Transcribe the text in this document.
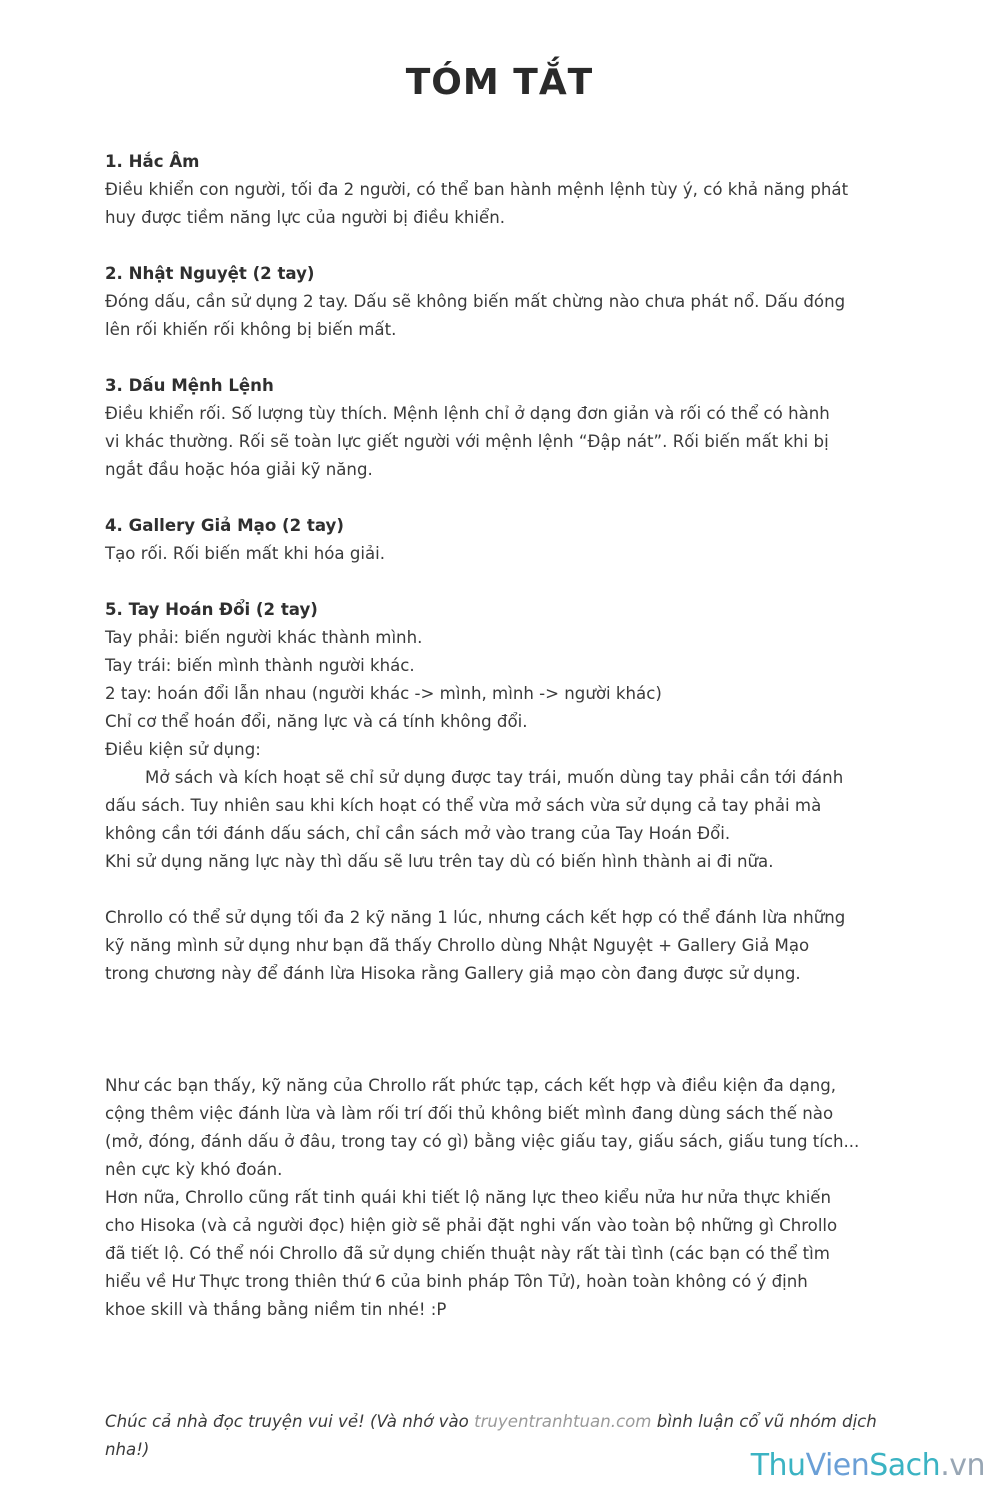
TÓM TẮT

1. Hắc Âm

Điều khiển con người, tối đa 2 người, có thể ban hành mệnh lệnh tùy ý, có khả năng phát

huy được tiềm năng lực của người bị điều khiển.

2. Nhật Nguyệt (2 tay)

Đóng dấu, cần sử dụng 2 tay. Dấu sẽ không biến mất chừng nào chưa phát nổ. Dấu đóng

lên rối khiến rối không bị biến mất.

3. Dấu Mệnh Lệnh

Điều khiển rối. Số lượng tùy thích. Mệnh lệnh chỉ ở dạng đơn giản và rối có thể có hành

vi khác thường. Rối sẽ toàn lực giết người với mệnh lệnh “Đập nát”. Rối biến mất khi bị

ngắt đầu hoặc hóa giải kỹ năng.

4. Gallery Giả Mạo (2 tay)

Tạo rối. Rối biến mất khi hóa giải.

5. Tay Hoán Đổi (2 tay)

Tay phải: biến người khác thành mình.

Tay trái: biến mình thành người khác.

2 tay: hoán đổi lẫn nhau (người khác -> mình, mình -> người khác)

Chỉ cơ thể hoán đổi, năng lực và cá tính không đổi.

Điều kiện sử dụng:

Mở sách và kích hoạt sẽ chỉ sử dụng được tay trái, muốn dùng tay phải cần tới đánh

dấu sách. Tuy nhiên sau khi kích hoạt có thể vừa mở sách vừa sử dụng cả tay phải mà

không cần tới đánh dấu sách, chỉ cần sách mở vào trang của Tay Hoán Đổi.

Khi sử dụng năng lực này thì dấu sẽ lưu trên tay dù có biến hình thành ai đi nữa.

Chrollo có thể sử dụng tối đa 2 kỹ năng 1 lúc, nhưng cách kết hợp có thể đánh lừa những

kỹ năng mình sử dụng như bạn đã thấy Chrollo dùng Nhật Nguyệt + Gallery Giả Mạo

trong chương này để đánh lừa Hisoka rằng Gallery giả mạo còn đang được sử dụng.

Như các bạn thấy, kỹ năng của Chrollo rất phức tạp, cách kết hợp và điều kiện đa dạng,

cộng thêm việc đánh lừa và làm rối trí đối thủ không biết mình đang dùng sách thế nào

(mở, đóng, đánh dấu ở đâu, trong tay có gì) bằng việc giấu tay, giấu sách, giấu tung tích...

nên cực kỳ khó đoán.

Hơn nữa, Chrollo cũng rất tinh quái khi tiết lộ năng lực theo kiểu nửa hư nửa thực khiến

cho Hisoka (và cả người đọc) hiện giờ sẽ phải đặt nghi vấn vào toàn bộ những gì Chrollo

đã tiết lộ. Có thể nói Chrollo đã sử dụng chiến thuật này rất tài tình (các bạn có thể tìm

hiểu về Hư Thực trong thiên thứ 6 của binh pháp Tôn Tử), hoàn toàn không có ý định

khoe skill và thắng bằng niềm tin nhé! :P

Chúc cả nhà đọc truyện vui vẻ! (Và nhớ vào truyentranhtuan.com bình luận cổ vũ nhóm dịch

nha!)	ThuVienSach.vn
